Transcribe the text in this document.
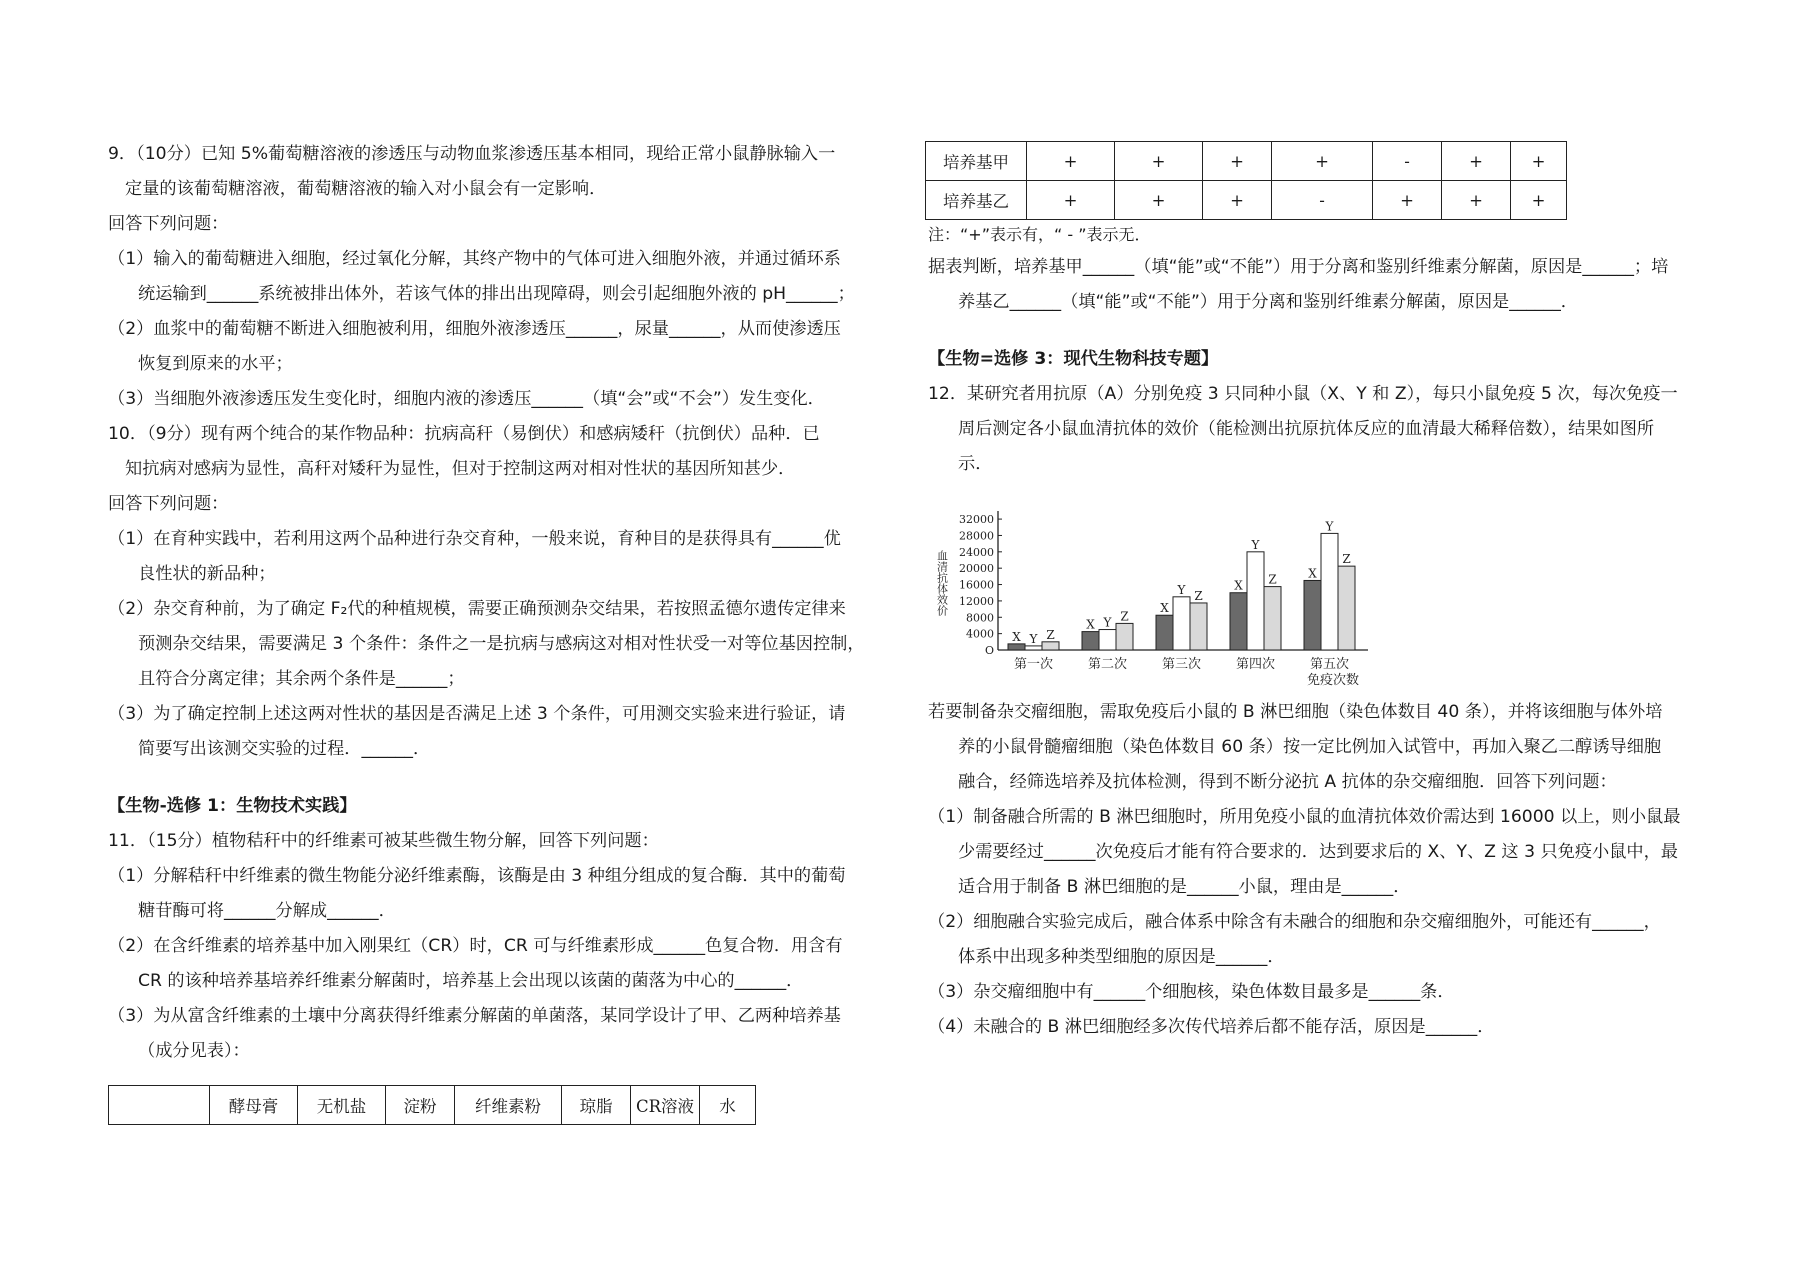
9．（10分）已知 5%葡萄糖溶液的渗透压与动物血浆渗透压基本相同，现给正常小鼠静脉输入一
定量的该葡萄糖溶液，葡萄糖溶液的输入对小鼠会有一定影响．
回答下列问题：
（1）输入的葡萄糖进入细胞，经过氧化分解，其终产物中的气体可进入细胞外液，并通过循环系
统运输到______系统被排出体外，若该气体的排出出现障碍，则会引起细胞外液的 pH______；
（2）血浆中的葡萄糖不断进入细胞被利用，细胞外液渗透压______，尿量______，从而使渗透压
恢复到原来的水平；
（3）当细胞外液渗透压发生变化时，细胞内液的渗透压______（填“会”或“不会”）发生变化．
10．（9分）现有两个纯合的某作物品种：抗病高秆（易倒伏）和感病矮秆（抗倒伏）品种．已
知抗病对感病为显性，高秆对矮秆为显性，但对于控制这两对相对性状的基因所知甚少．
回答下列问题：
（1）在育种实践中，若利用这两个品种进行杂交育种，一般来说，育种目的是获得具有______优
良性状的新品种；
（2）杂交育种前，为了确定 F₂代的种植规模，需要正确预测杂交结果，若按照孟德尔遗传定律来
预测杂交结果，需要满足 3 个条件：条件之一是抗病与感病这对相对性状受一对等位基因控制，
且符合分离定律；其余两个条件是______；
（3）为了确定控制上述这两对性状的基因是否满足上述 3 个条件，可用测交实验来进行验证，请
简要写出该测交实验的过程．______．
【生物-选修 1：生物技术实践】
11．（15分）植物秸秆中的纤维素可被某些微生物分解，回答下列问题：
（1）分解秸秆中纤维素的微生物能分泌纤维素酶，该酶是由 3 种组分组成的复合酶．其中的葡萄
糖苷酶可将______分解成______．
（2）在含纤维素的培养基中加入刚果红（CR）时，CR 可与纤维素形成______色复合物．用含有
CR 的该种培养基培养纤维素分解菌时，培养基上会出现以该菌的菌落为中心的______．
（3）为从富含纤维素的土壤中分离获得纤维素分解菌的单菌落，某同学设计了甲、乙两种培养基
（成分见表）：
	酵母膏	无机盐	淀粉	纤维素粉	琼脂	CR溶液	水
培养基甲	+	+	+	+	-	+	+
培养基乙	+	+	+	-	+	+	+
注：“+”表示有，“ - ”表示无．
据表判断，培养基甲______（填“能”或“不能”）用于分离和鉴别纤维素分解菌，原因是______；培
养基乙______（填“能”或“不能”）用于分离和鉴别纤维素分解菌，原因是______．
【生物=选修 3：现代生物科技专题】
12．某研究者用抗原（A）分别免疫 3 只同种小鼠（X、Y 和 Z），每只小鼠免疫 5 次，每次免疫一
周后测定各小鼠血清抗体的效价（能检测出抗原抗体反应的血清最大稀释倍数），结果如图所
示．
O
4000
8000
12000
16000
20000
24000
28000
32000
血清抗体效价
X Y Z
第一次
X Y Z
第二次
X
Y Z
第三次
X
Y
Z
第四次
X
Y
Z
第五次
免疫次数
若要制备杂交瘤细胞，需取免疫后小鼠的 B 淋巴细胞（染色体数目 40 条），并将该细胞与体外培
养的小鼠骨髓瘤细胞（染色体数目 60 条）按一定比例加入试管中，再加入聚乙二醇诱导细胞
融合，经筛选培养及抗体检测，得到不断分泌抗 A 抗体的杂交瘤细胞．回答下列问题：
（1）制备融合所需的 B 淋巴细胞时，所用免疫小鼠的血清抗体效价需达到 16000 以上，则小鼠最
少需要经过______次免疫后才能有符合要求的．达到要求后的 X、Y、Z 这 3 只免疫小鼠中，最
适合用于制备 B 淋巴细胞的是______小鼠，理由是______．
（2）细胞融合实验完成后，融合体系中除含有未融合的细胞和杂交瘤细胞外，可能还有______，
体系中出现多种类型细胞的原因是______．
（3）杂交瘤细胞中有______个细胞核，染色体数目最多是______条．
（4）未融合的 B 淋巴细胞经多次传代培养后都不能存活，原因是______．
